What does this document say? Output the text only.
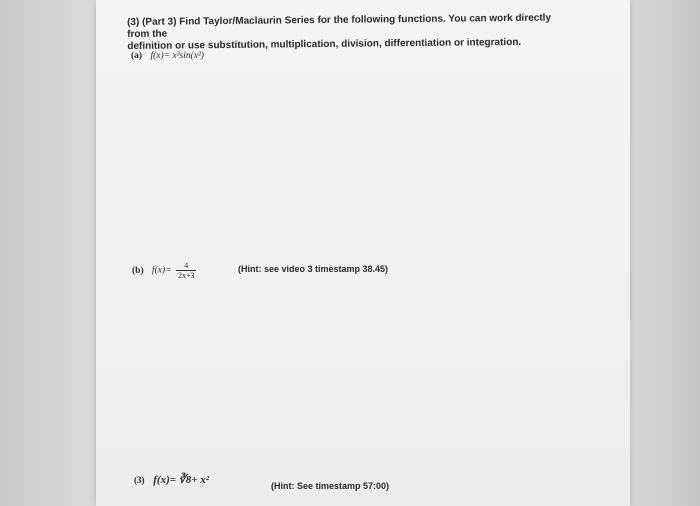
(3) (Part 3) Find Taylor/Maclaurin Series for the following functions. You can work directly from the
definition or use substitution, multiplication, division, differentiation or integration.
(a) f(x)= x³sin(x²)
(b) $f(x)= \frac{4}{2x+3}$	(Hint: see video 3 timestamp 38.45)
(3) f(x)= ∛8+ x²	(Hint: See timestamp 57:00)
